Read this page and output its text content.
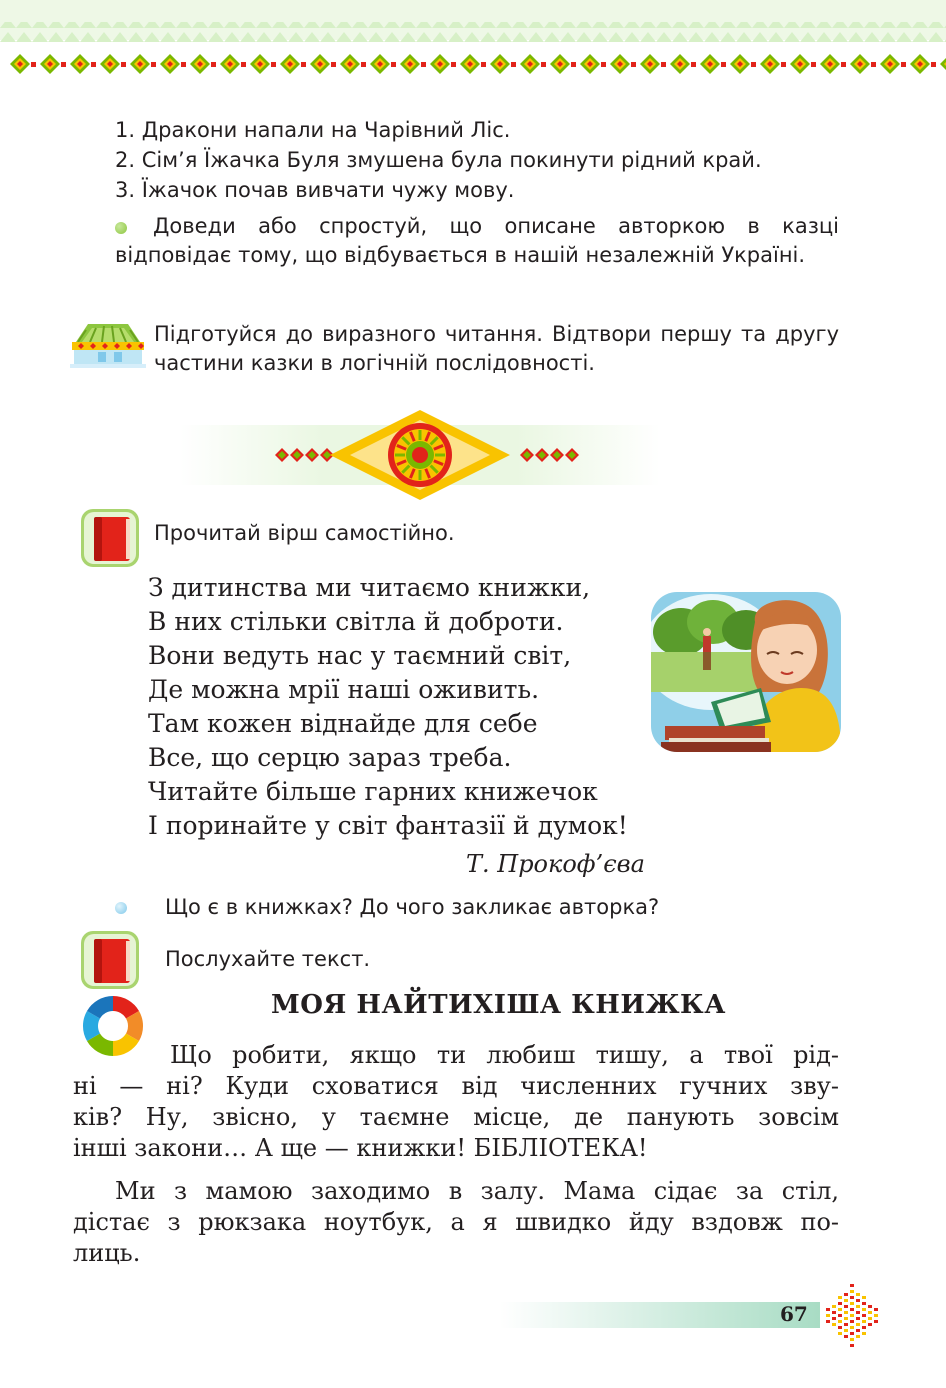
1. Дракони напали на Чарівний Ліс.
2. Сім’я Їжачка Буля змушена була покинути рідний край.
3. Їжачок почав вивчати чужу мову.
Доведи або спростуй, що описане авторкою в казці відповідає тому, що відбувається в нашій незалежній Україні.
Підготуйся до виразного читання. Відтвори першу та другу частини казки в логічній послідовності.
Прочитай вірш самостійно.
З дитинства ми читаємо книжки,
В них стільки світла й доброти.
Вони ведуть нас у таємний світ,
Де можна мрії наші оживить.
Там кожен віднайде для себе
Все, що серцю зараз треба.
Читайте більше гарних книжечок
І поринайте у світ фантазії й думок!
Т. Прокоф’єва
Що є в книжках? До чого закликає авторка?
Послухайте текст.
МОЯ НАЙТИХІША КНИЖКА
Що робити, якщо ти любиш тишу, а твої рід-
ні — ні? Куди сховатися від численних гучних зву-
ків? Ну, звісно, у таємне місце, де панують зовсім
інші закони… А ще — книжки! БІБЛІОТЕКА!
Ми з мамою заходимо в залу. Мама сідає за стіл,
дістає з рюкзака ноутбук, а я швидко йду вздовж по-
лиць.
67
